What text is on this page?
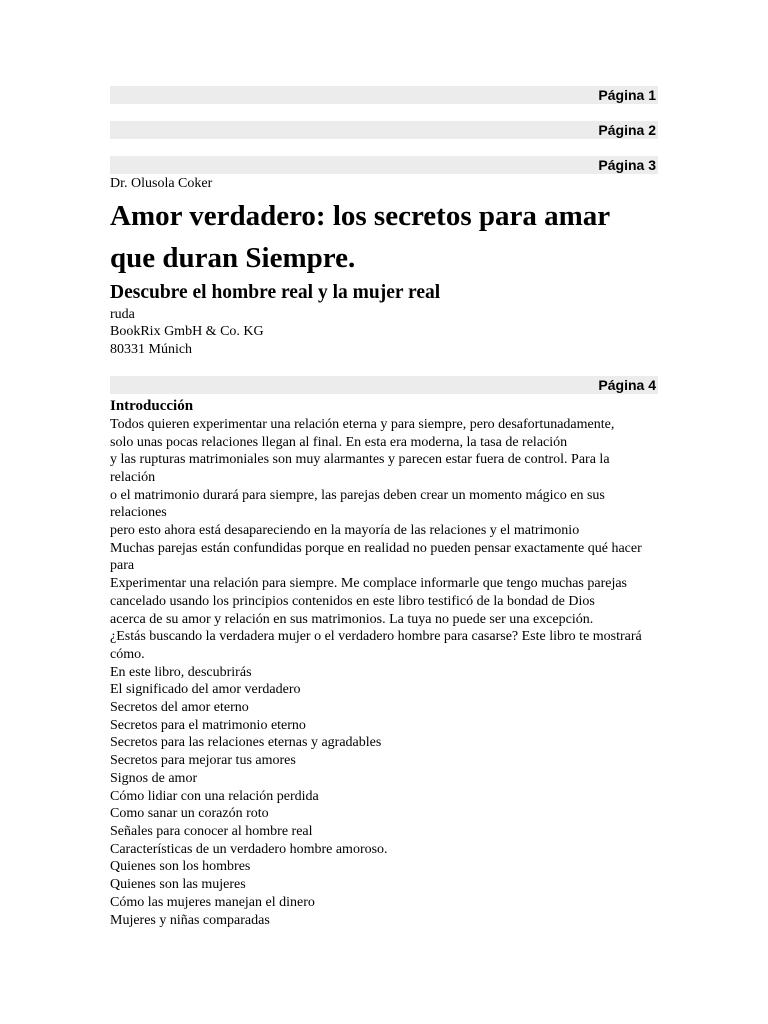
Página 1
Página 2
Página 3
Dr. Olusola Coker
Amor verdadero: los secretos para amar
que duran Siempre.
Descubre el hombre real y la mujer real
ruda
BookRix GmbH & Co. KG
80331 Múnich
Página 4
Introducción
Todos quieren experimentar una relación eterna y para siempre, pero desafortunadamente,
solo unas pocas relaciones llegan al final. En esta era moderna, la tasa de relación
y las rupturas matrimoniales son muy alarmantes y parecen estar fuera de control. Para la
relación
o el matrimonio durará para siempre, las parejas deben crear un momento mágico en sus
relaciones
pero esto ahora está desapareciendo en la mayoría de las relaciones y el matrimonio
Muchas parejas están confundidas porque en realidad no pueden pensar exactamente qué hacer
para
Experimentar una relación para siempre. Me complace informarle que tengo muchas parejas
cancelado usando los principios contenidos en este libro testificó de la bondad de Dios
acerca de su amor y relación en sus matrimonios. La tuya no puede ser una excepción.
¿Estás buscando la verdadera mujer o el verdadero hombre para casarse? Este libro te mostrará
cómo.
En este libro, descubrirás
El significado del amor verdadero
Secretos del amor eterno
Secretos para el matrimonio eterno
Secretos para las relaciones eternas y agradables
Secretos para mejorar tus amores
Signos de amor
Cómo lidiar con una relación perdida
Como sanar un corazón roto
Señales para conocer al hombre real
Características de un verdadero hombre amoroso.
Quienes son los hombres
Quienes son las mujeres
Cómo las mujeres manejan el dinero
Mujeres y niñas comparadas
